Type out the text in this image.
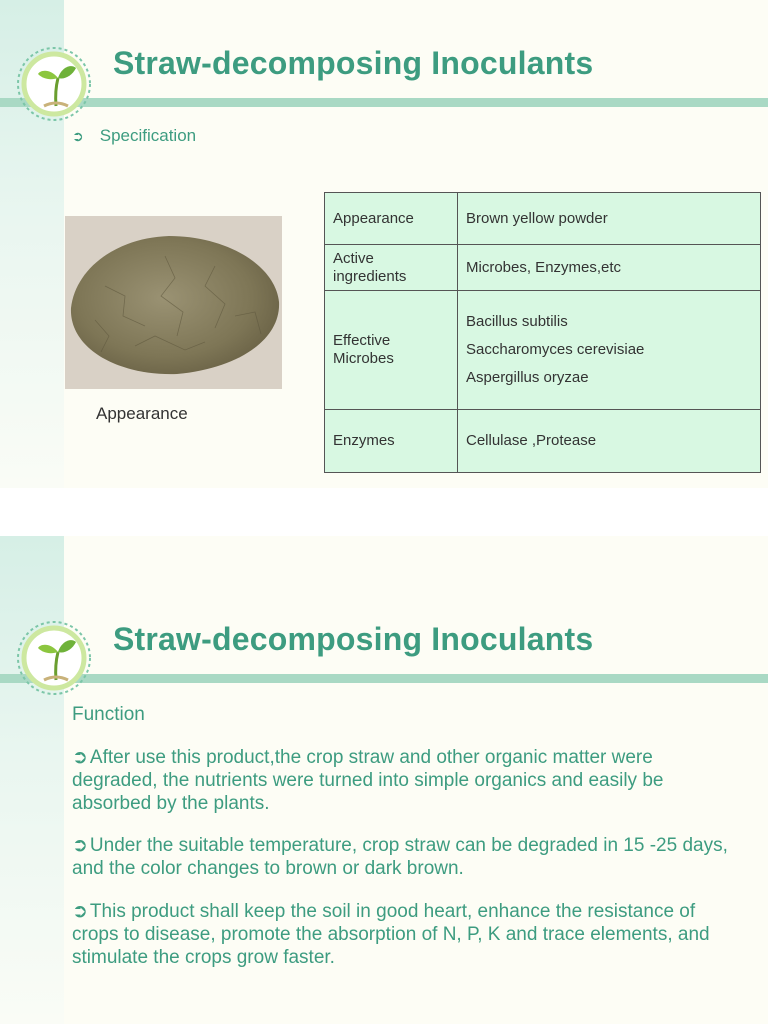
Straw-decomposing Inoculants
➲ Specification
Appearance
Appearance	Brown yellow powder
Active ingredients	Microbes, Enzymes,etc
Effective Microbes	Bacillus subtilis
Saccharomyces cerevisiae
Aspergillus oryzae

Enzymes	Cellulase ,Protease
Straw-decomposing Inoculants
Function
➲ After use this product,the crop straw and other organic matter were degraded, the nutrients were turned into simple organics and easily be absorbed by the plants.
➲ Under the suitable temperature, crop straw can be degraded in 15 -25 days, and the color changes to brown or dark brown.
➲ This product shall keep the soil in good heart, enhance the resistance of crops to disease, promote the absorption of N, P, K and trace elements, and stimulate the crops grow faster.
